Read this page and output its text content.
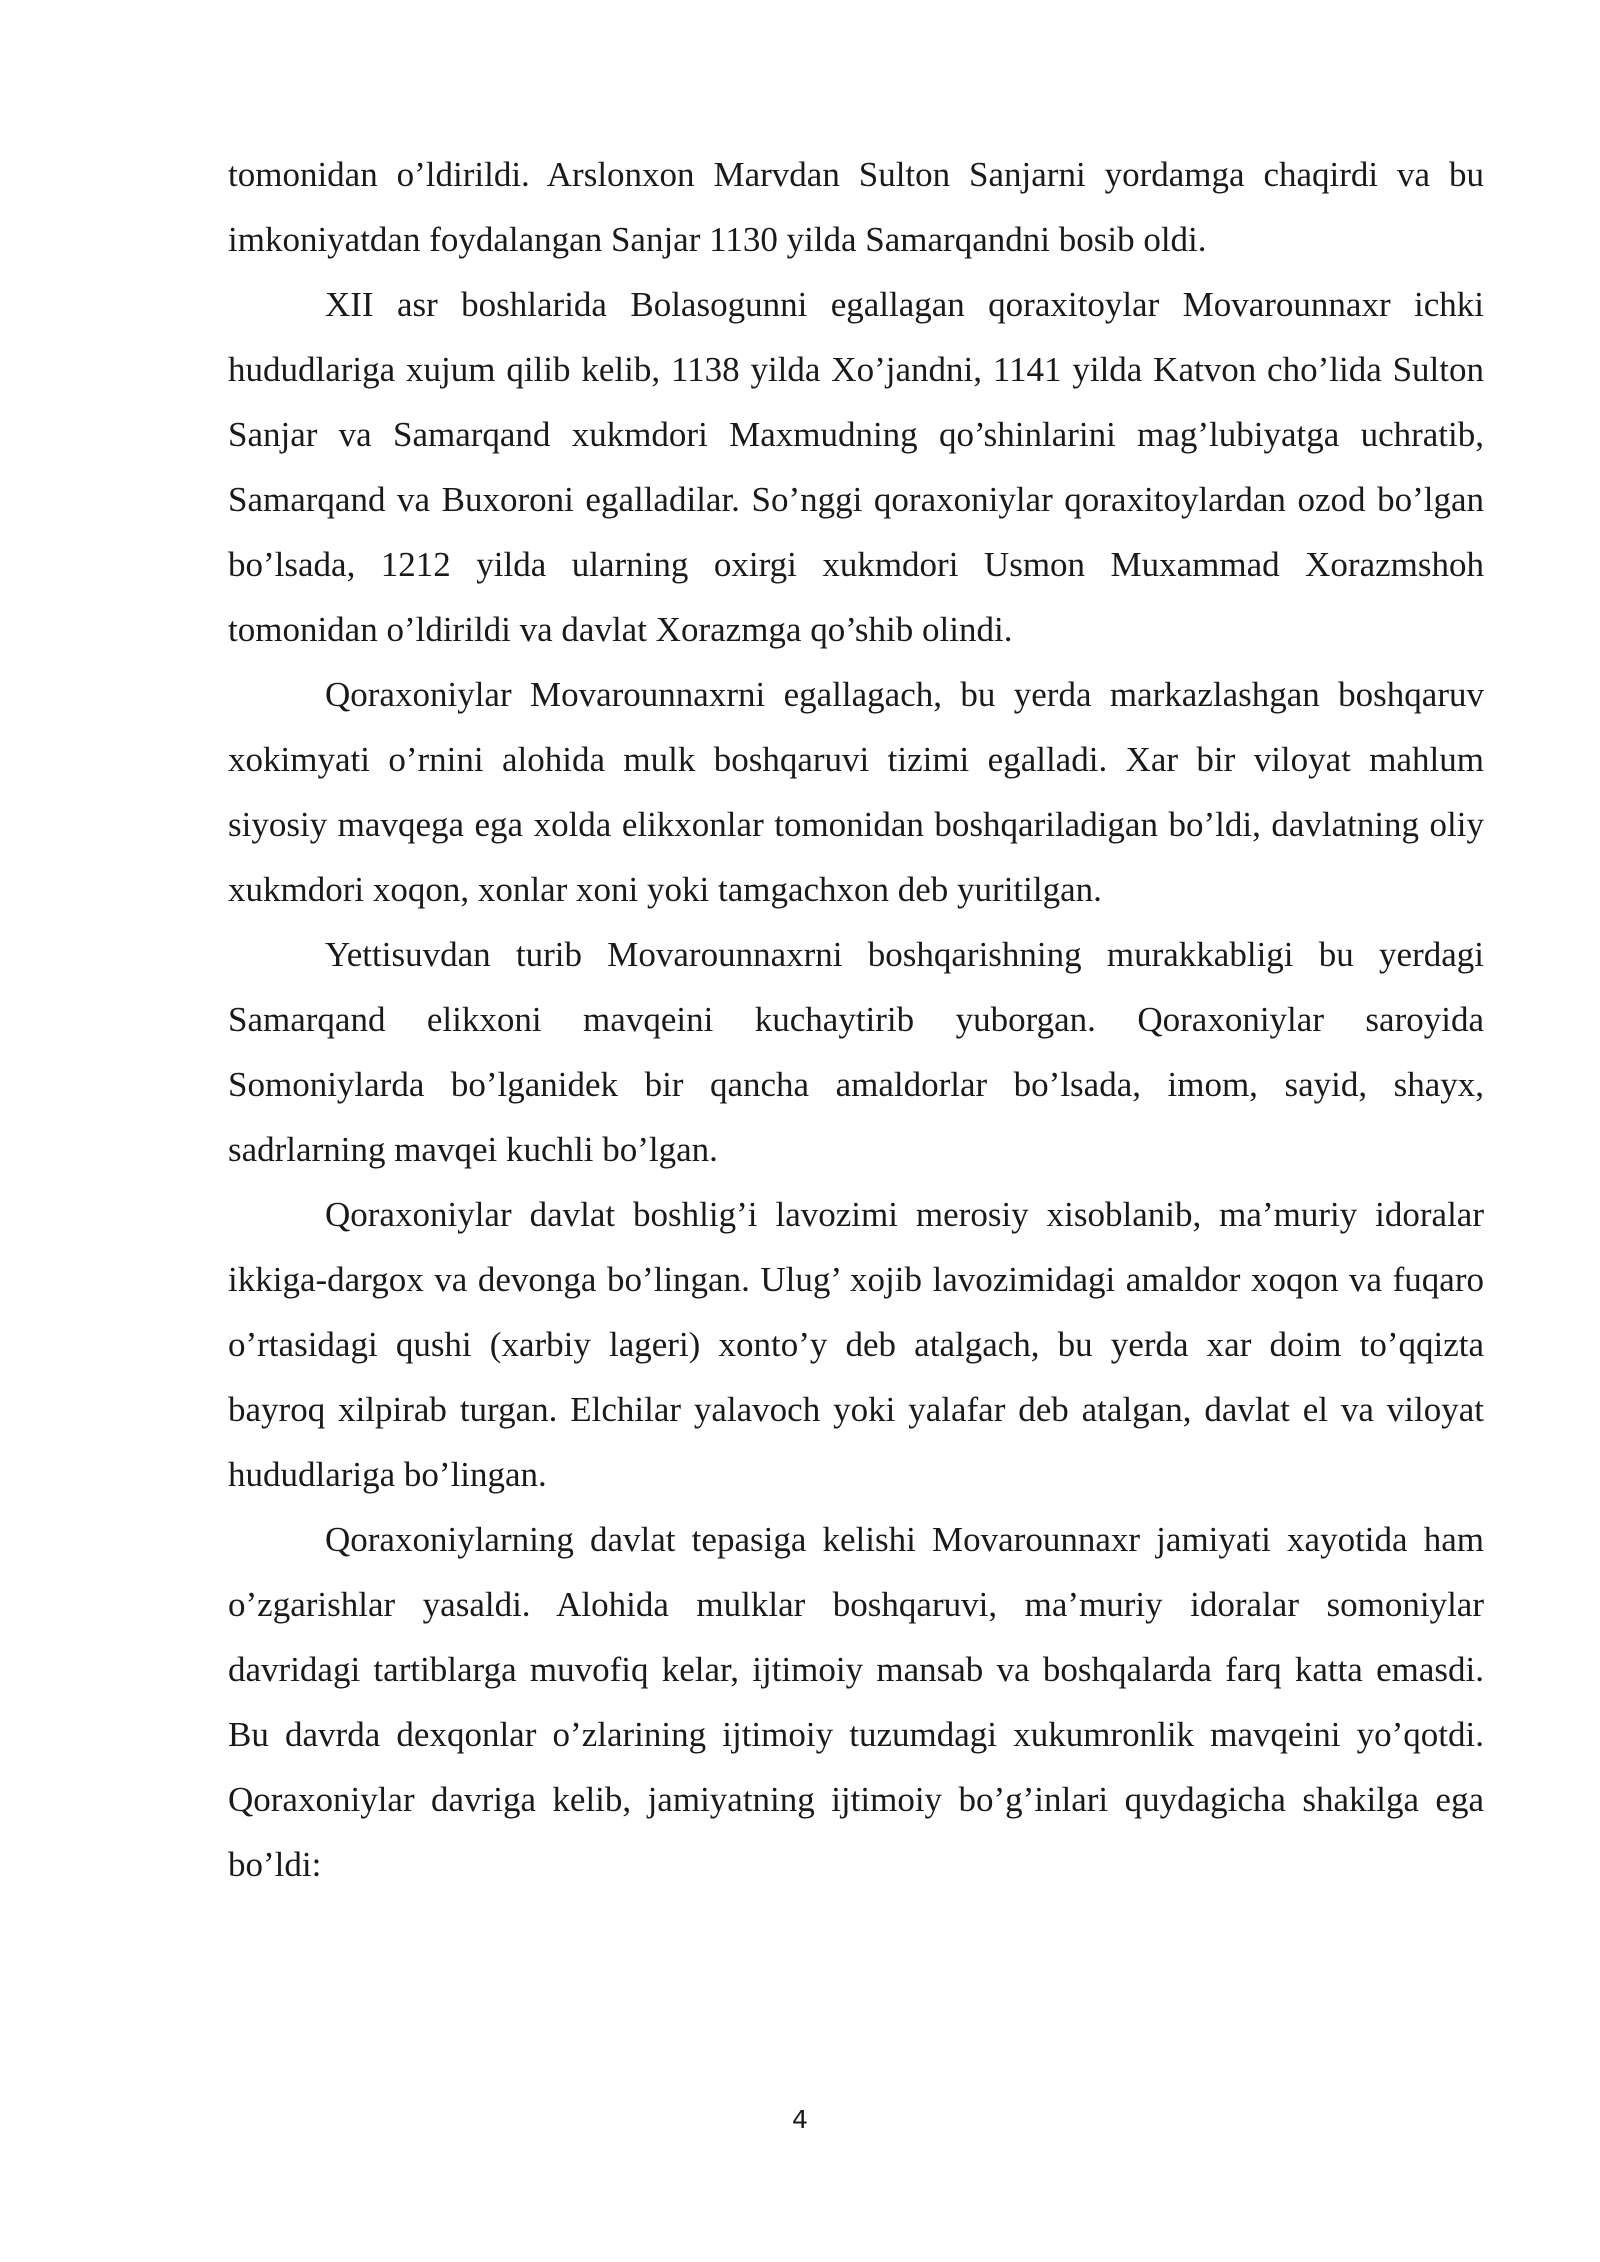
tomonidan o’ldirildi. Arslonxon Marvdan Sulton Sanjarni yordamga chaqirdi va bu imkoniyatdan foydalangan Sanjar 1130 yilda Samarqandni bosib oldi.

XII asr boshlarida Bolasogunni egallagan qoraxitoylar Movarounnaxr ichki hududlariga xujum qilib kelib, 1138 yilda Xo’jandni, 1141 yilda Katvon cho’lida Sulton Sanjar va Samarqand xukmdori Maxmudning qo’shinlarini mag’lubiyatga uchratib, Samarqand va Buxoroni egalladilar. So’nggi qoraxoniylar qoraxitoylardan ozod bo’lgan bo’lsada, 1212 yilda ularning oxirgi xukmdori Usmon Muxammad Xorazmshoh tomonidan o’ldirildi va davlat Xorazmga qo’shib olindi.

Qoraxoniylar Movarounnaxrni egallagach, bu yerda markazlashgan boshqaruv xokimyati o’rnini alohida mulk boshqaruvi tizimi egalladi. Xar bir viloyat mahlum siyosiy mavqega ega xolda elikxonlar tomonidan boshqariladigan bo’ldi, davlatning oliy xukmdori xoqon, xonlar xoni yoki tamgachxon deb yuritilgan.

Yettisuvdan turib Movarounnaxrni boshqarishning murakkabligi bu yerdagi Samarqand elikxoni mavqeini kuchaytirib yuborgan. Qoraxoniylar saroyida Somoniylarda bo’lganidek bir qancha amaldorlar bo’lsada, imom, sayid, shayx, sadrlarning mavqei kuchli bo’lgan.

Qoraxoniylar davlat boshlig’i lavozimi merosiy xisoblanib, ma’muriy idoralar ikkiga-dargox va devonga bo’lingan. Ulug’ xojib lavozimidagi amaldor xoqon va fuqaro o’rtasidagi qushi (xarbiy lageri) xonto’y deb atalgach, bu yerda xar doim to’qqizta bayroq xilpirab turgan. Elchilar yalavoch yoki yalafar deb atalgan, davlat el va viloyat hududlariga bo’lingan.

Qoraxoniylarning davlat tepasiga kelishi Movarounnaxr jamiyati xayotida ham o’zgarishlar yasaldi. Alohida mulklar boshqaruvi, ma’muriy idoralar somoniylar davridagi tartiblarga muvofiq kelar, ijtimoiy mansab va boshqalarda farq katta emasdi. Bu davrda dexqonlar o’zlarining ijtimoiy tuzumdagi xukumronlik mavqeini yo’qotdi. Qoraxoniylar davriga kelib, jamiyatning ijtimoiy bo’g’inlari quydagicha shakilga ega bo’ldi:

4
